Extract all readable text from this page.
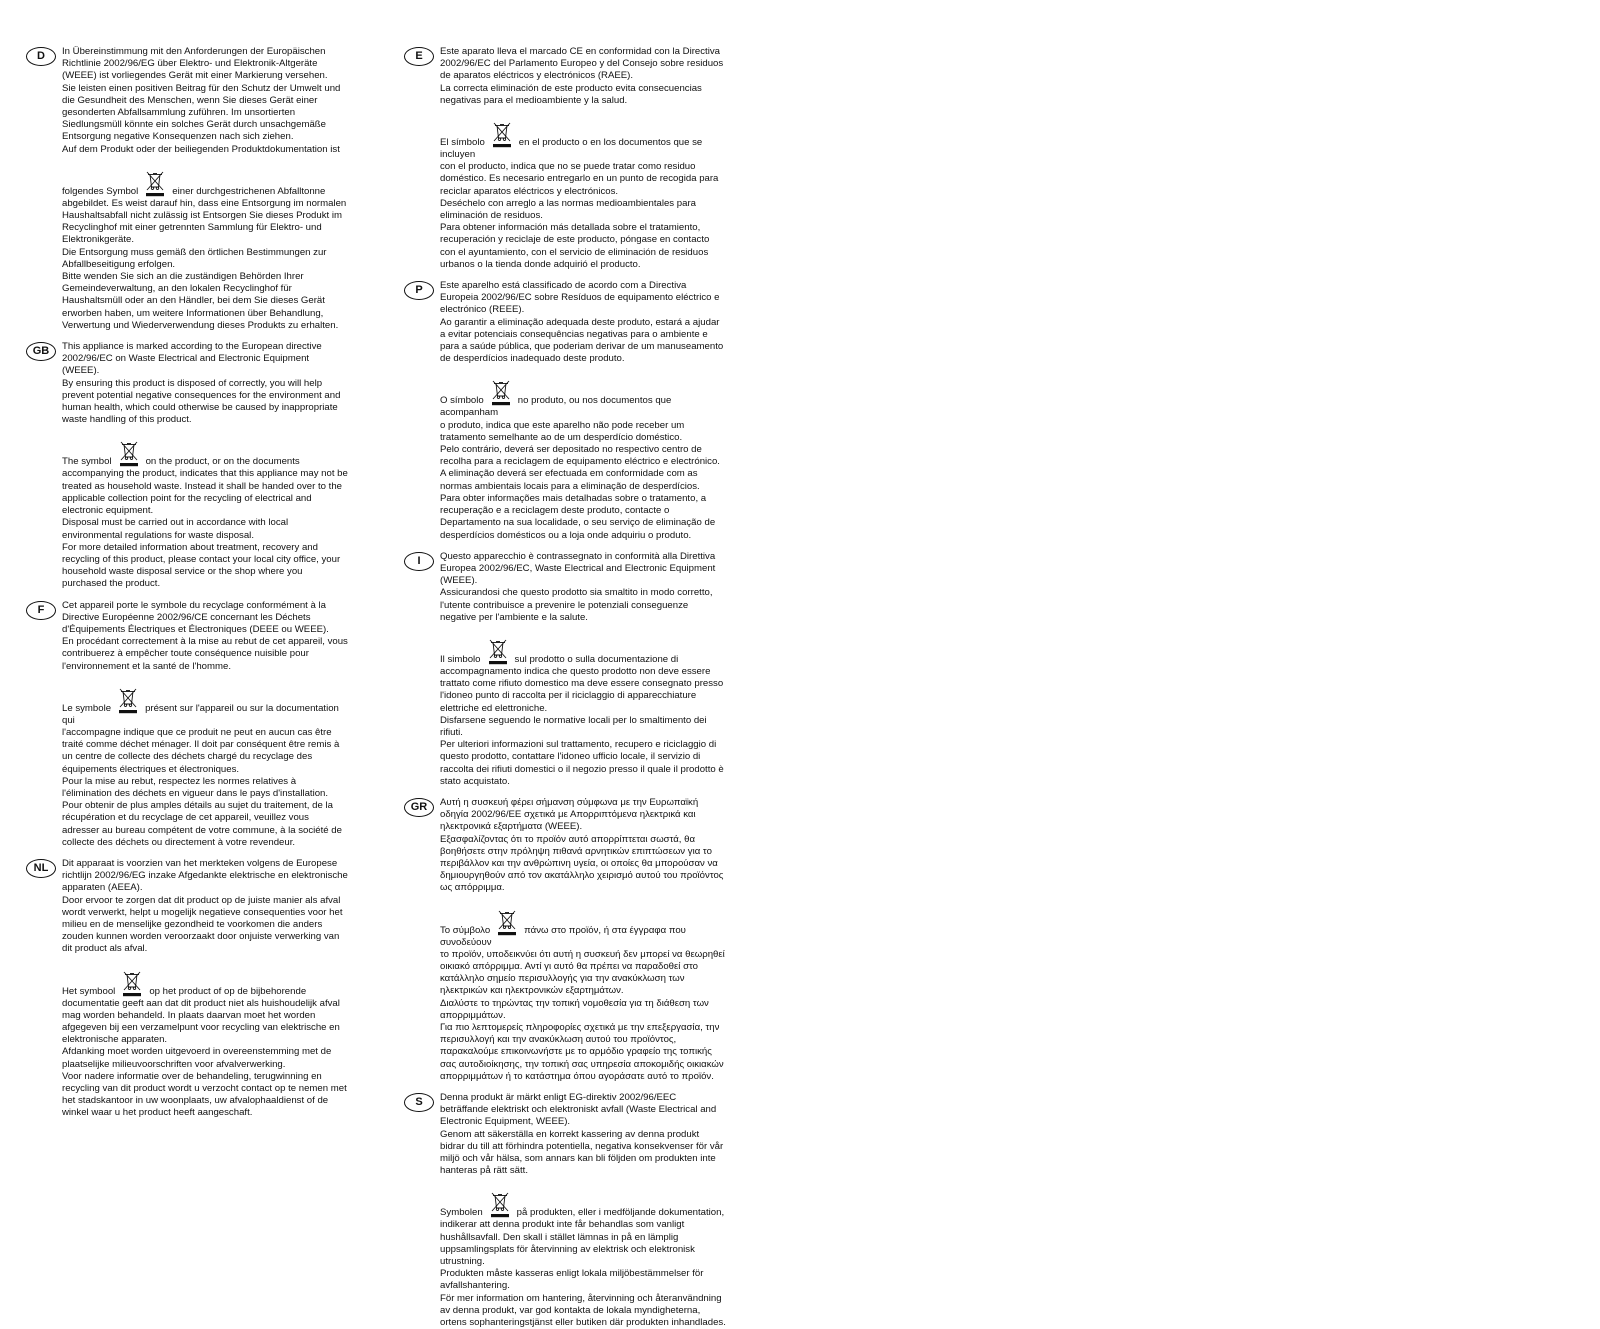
D	In Übereinstimmung mit den Anforderungen der Europäischen Richtlinie 2002/96/EG über Elektro- und Elektronik-Altgeräte (WEEE) ist vorliegendes Gerät mit einer Markierung versehen.

Sie leisten einen positiven Beitrag für den Schutz der Umwelt und die Gesundheit des Menschen, wenn Sie dieses Gerät einer gesonderten Abfallsammlung zuführen. Im unsortierten Siedlungsmüll könnte ein solches Gerät durch unsachgemäße Entsorgung negative Konsequenzen nach sich ziehen.

Auf dem Produkt oder der beiliegenden Produktdokumentation ist

folgendes Symbol	einer durchgestrichenen Abfalltonne

abgebildet. Es weist darauf hin, dass eine Entsorgung im normalen Haushaltsabfall nicht zulässig ist Entsorgen Sie dieses Produkt im Recyclinghof mit einer getrennten Sammlung für Elektro- und Elektronikgeräte.

Die Entsorgung muss gemäß den örtlichen Bestimmungen zur Abfallbeseitigung erfolgen.

Bitte wenden Sie sich an die zuständigen Behörden Ihrer Gemeindeverwaltung, an den lokalen Recyclinghof für Haushaltsmüll oder an den Händler, bei dem Sie dieses Gerät erworben haben, um weitere Informationen über Behandlung, Verwertung und Wiederverwendung dieses Produkts zu erhalten.

GB	This appliance is marked according to the European directive 2002/96/EC on Waste Electrical and Electronic Equipment (WEEE).

By ensuring this product is disposed of correctly, you will help prevent potential negative consequences for the environment and human health, which could otherwise be caused by inappropriate waste handling of this product.

The symbol	on the product, or on the documents

accompanying the product, indicates that this appliance may not be treated as household waste. Instead it shall be handed over to the applicable collection point for the recycling of electrical and electronic equipment.

Disposal must be carried out in accordance with local environmental regulations for waste disposal.

For more detailed information about treatment, recovery and recycling of this product, please contact your local city office, your household waste disposal service or the shop where you purchased the product.

F	Cet appareil porte le symbole du recyclage conformément à la Directive Européenne 2002/96/CE concernant les Déchets d'Équipements Électriques et Électroniques (DEEE ou WEEE).

En procédant correctement à la mise au rebut de cet appareil, vous contribuerez à empêcher toute conséquence nuisible pour l'environnement et la santé de l'homme.

Le symbole	présent sur l'appareil ou sur la documentation qui

l'accompagne indique que ce produit ne peut en aucun cas être traité comme déchet ménager. Il doit par conséquent être remis à un centre de collecte des déchets chargé du recyclage des équipements électriques et électroniques.

Pour la mise au rebut, respectez les normes relatives à l'élimination des déchets en vigueur dans le pays d'installation.

Pour obtenir de plus amples détails au sujet du traitement, de la récupération et du recyclage de cet appareil, veuillez vous adresser au bureau compétent de votre commune, à la société de collecte des déchets ou directement à votre revendeur.

NL	Dit apparaat is voorzien van het merkteken volgens de Europese richtlijn 2002/96/EG inzake Afgedankte elektrische en elektronische apparaten (AEEA).

Door ervoor te zorgen dat dit product op de juiste manier als afval wordt verwerkt, helpt u mogelijk negatieve consequenties voor het milieu en de menselijke gezondheid te voorkomen die anders zouden kunnen worden veroorzaakt door onjuiste verwerking van dit product als afval.

Het symbool	op het product of op de bijbehorende

documentatie geeft aan dat dit product niet als huishoudelijk afval mag worden behandeld. In plaats daarvan moet het worden afgegeven bij een verzamelpunt voor recycling van elektrische en elektronische apparaten.

Afdanking moet worden uitgevoerd in overeenstemming met de plaatselijke milieuvoorschriften voor afvalverwerking.

Voor nadere informatie over de behandeling, terugwinning en recycling van dit product wordt u verzocht contact op te nemen met het stadskantoor in uw woonplaats, uw afvalophaaldienst of de winkel waar u het product heeft aangeschaft.

E	Este aparato lleva el marcado CE en conformidad con la Directiva 2002/96/EC del Parlamento Europeo y del Consejo sobre residuos de aparatos eléctricos y electrónicos (RAEE).

La correcta eliminación de este producto evita consecuencias negativas para el medioambiente y la salud.

El símbolo	en el producto o en los documentos que se incluyen

con el producto, indica que no se puede tratar como residuo doméstico. Es necesario entregarlo en un punto de recogida para reciclar aparatos eléctricos y electrónicos.

Deséchelo con arreglo a las normas medioambientales para eliminación de residuos.

Para obtener información más detallada sobre el tratamiento, recuperación y reciclaje de este producto, póngase en contacto con el ayuntamiento, con el servicio de eliminación de residuos urbanos o la tienda donde adquirió el producto.

P	Este aparelho está classificado de acordo com a Directiva Europeia 2002/96/EC sobre Resíduos de equipamento eléctrico e electrónico (REEE).

Ao garantir a eliminação adequada deste produto, estará a ajudar a evitar potenciais consequências negativas para o ambiente e para a saúde pública, que poderiam derivar de um manuseamento de desperdícios inadequado deste produto.

O símbolo	no produto, ou nos documentos que acompanham

o produto, indica que este aparelho não pode receber um tratamento semelhante ao de um desperdício doméstico.

Pelo contrário, deverá ser depositado no respectivo centro de recolha para a reciclagem de equipamento eléctrico e electrónico.

A eliminação deverá ser efectuada em conformidade com as normas ambientais locais para a eliminação de desperdícios.

Para obter informações mais detalhadas sobre o tratamento, a recuperação e a reciclagem deste produto, contacte o Departamento na sua localidade, o seu serviço de eliminação de desperdícios domésticos ou a loja onde adquiriu o produto.

I	Questo apparecchio è contrassegnato in conformità alla Direttiva Europea 2002/96/EC, Waste Electrical and Electronic Equipment (WEEE).

Assicurandosi che questo prodotto sia smaltito in modo corretto, l'utente contribuisce a prevenire le potenziali conseguenze negative per l'ambiente e la salute.

Il simbolo	sul prodotto o sulla documentazione di

accompagnamento indica che questo prodotto non deve essere trattato come rifiuto domestico ma deve essere consegnato presso l'idoneo punto di raccolta per il riciclaggio di apparecchiature elettriche ed elettroniche.

Disfarsene seguendo le normative locali per lo smaltimento dei rifiuti.

Per ulteriori informazioni sul trattamento, recupero e riciclaggio di questo prodotto, contattare l'idoneo ufficio locale, il servizio di raccolta dei rifiuti domestici o il negozio presso il quale il prodotto è stato acquistato.

GR	Αυτή η συσκευή φέρει σήμανση σύμφωνα με την Ευρωπαϊκή οδηγία 2002/96/ΕΕ σχετικά με Απορριπτόμενα ηλεκτρικά και ηλεκτρονικά εξαρτήματα (WEEE).

Εξασφαλίζοντας ότι το προϊόν αυτό απορρίπτεται σωστά, θα βοηθήσετε στην πρόληψη πιθανά αρνητικών επιπτώσεων για το περιβάλλον και την ανθρώπινη υγεία, οι οποίες θα μπορούσαν να δημιουργηθούν από τον ακατάλληλο χειρισμό αυτού του προϊόντος ως απόρριμμα.

Το σύμβολο	πάνω στο προϊόν, ή στα έγγραφα που συνοδεύουν

το προϊόν, υποδεικνύει ότι αυτή η συσκευή δεν μπορεί να θεωρηθεί οικιακό απόρριμμα. Αντί γι αυτό θα πρέπει να παραδοθεί στο κατάλληλο σημείο περισυλλογής για την ανακύκλωση των ηλεκτρικών και ηλεκτρονικών εξαρτημάτων.

Διαλύστε το τηρώντας την τοπική νομοθεσία για τη διάθεση των απορριμμάτων.

Για πιο λεπτομερείς πληροφορίες σχετικά με την επεξεργασία, την περισυλλογή και την ανακύκλωση αυτού του προϊόντος, παρακαλούμε επικοινωνήστε με το αρμόδιο γραφείο της τοπικής σας αυτοδιοίκησης, την τοπική σας υπηρεσία αποκομιδής οικιακών απορριμμάτων ή το κατάστημα όπου αγοράσατε αυτό το προϊόν.

S	Denna produkt är märkt enligt EG-direktiv 2002/96/EEC beträffande elektriskt och elektroniskt avfall (Waste Electrical and Electronic Equipment, WEEE).

Genom att säkerställa en korrekt kassering av denna produkt bidrar du till att förhindra potentiella, negativa konsekvenser för vår miljö och vår hälsa, som annars kan bli följden om produkten inte hanteras på rätt sätt.

Symbolen	på produkten, eller i medföljande dokumentation,

indikerar att denna produkt inte får behandlas som vanligt hushållsavfall. Den skall i stället lämnas in på en lämplig uppsamlingsplats för återvinning av elektrisk och elektronisk utrustning.

Produkten måste kasseras enligt lokala miljöbestämmelser för avfallshantering.

För mer information om hantering, återvinning och återanvändning av denna produkt, var god kontakta de lokala myndigheterna, ortens sophanteringstjänst eller butiken där produkten inhandlades.
